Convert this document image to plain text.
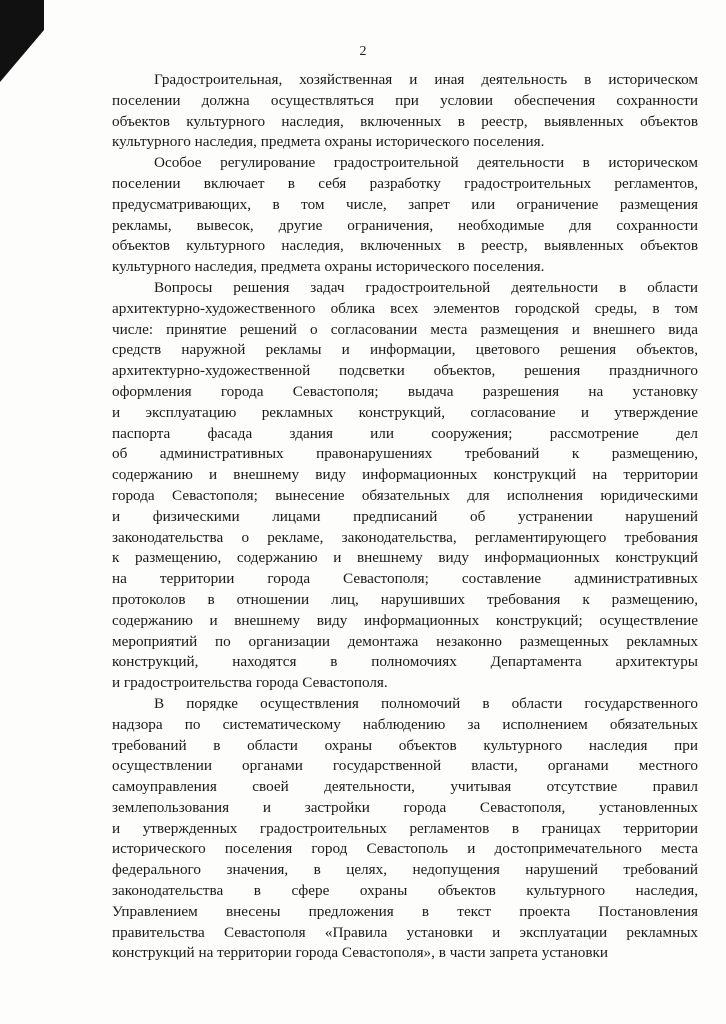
2
Градостроительная, хозяйственная и иная деятельность в историческом
поселении должна осуществляться при условии обеспечения сохранности
объектов культурного наследия, включенных в реестр, выявленных объектов
культурного наследия, предмета охраны исторического поселения.
Особое регулирование градостроительной деятельности в историческом
поселении включает в себя разработку градостроительных регламентов,
предусматривающих, в том числе, запрет или ограничение размещения
рекламы, вывесок, другие ограничения, необходимые для сохранности
объектов культурного наследия, включенных в реестр, выявленных объектов
культурного наследия, предмета охраны исторического поселения.
Вопросы решения задач градостроительной деятельности в области
архитектурно-художественного облика всех элементов городской среды, в том
числе: принятие решений о согласовании места размещения и внешнего вида
средств наружной рекламы и информации, цветового решения объектов,
архитектурно-художественной подсветки объектов, решения праздничного
оформления города Севастополя; выдача разрешения на установку
и эксплуатацию рекламных конструкций, согласование и утверждение
паспорта фасада здания или сооружения; рассмотрение дел
об административных правонарушениях требований к размещению,
содержанию и внешнему виду информационных конструкций на территории
города Севастополя; вынесение обязательных для исполнения юридическими
и физическими лицами предписаний об устранении нарушений
законодательства о рекламе, законодательства, регламентирующего требования
к размещению, содержанию и внешнему виду информационных конструкций
на территории города Севастополя; составление административных
протоколов в отношении лиц, нарушивших требования к размещению,
содержанию и внешнему виду информационных конструкций; осуществление
мероприятий по организации демонтажа незаконно размещенных рекламных
конструкций, находятся в полномочиях Департамента архитектуры
и градостроительства города Севастополя.
В порядке осуществления полномочий в области государственного
надзора по систематическому наблюдению за исполнением обязательных
требований в области охраны объектов культурного наследия при
осуществлении органами государственной власти, органами местного
самоуправления своей деятельности, учитывая отсутствие правил
землепользования и застройки города Севастополя, установленных
и утвержденных градостроительных регламентов в границах территории
исторического поселения город Севастополь и достопримечательного места
федерального значения, в целях, недопущения нарушений требований
законодательства в сфере охраны объектов культурного наследия,
Управлением внесены предложения в текст проекта Постановления
правительства Севастополя «Правила установки и эксплуатации рекламных
конструкций на территории города Севастополя», в части запрета установки
